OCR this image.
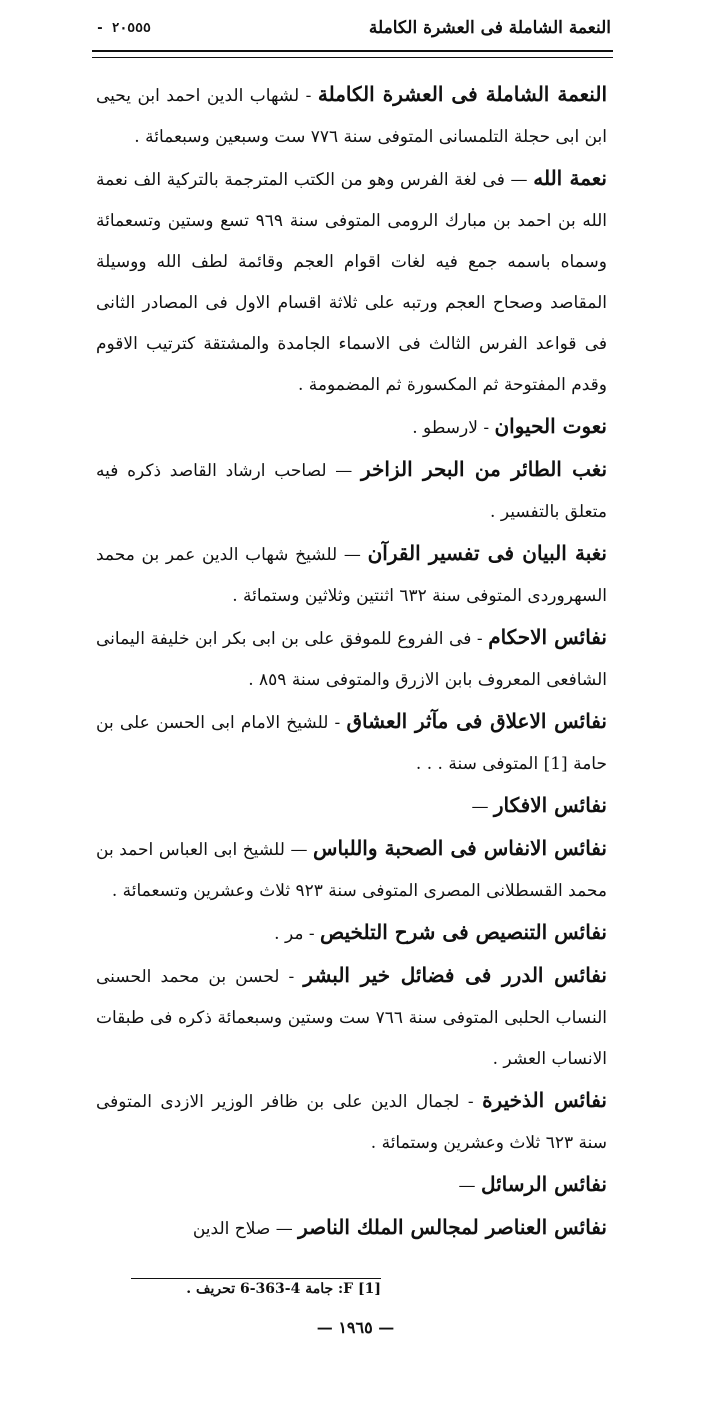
النعمة الشاملة فى العشرة الكاملة
- ٢٠٥٥٥

النعمة الشاملة فى العشرة الكاملة - لشهاب الدين احمد ابن يحيى ابن ابى حجلة التلمسانى المتوفى سنة ٧٧٦ ست وسبعين وسبعمائة .

نعمة الله — فى لغة الفرس وهو من الكتب المترجمة بالتركية الف نعمة الله بن احمد بن مبارك الرومى المتوفى سنة ٩٦٩ تسع وستين وتسعمائة وسماه باسمه جمع فيه لغات اقوام العجم وقائمة لطف الله ووسيلة المقاصد وصحاح العجم ورتبه على ثلاثة اقسام الاول فى المصادر الثانى فى قواعد الفرس الثالث فى الاسماء الجامدة والمشتقة كترتيب الاقوم وقدم المفتوحة ثم المكسورة ثم المضمومة .

نعوت الحيوان - لارسطو .

نغب الطائر من البحر الزاخر — لصاحب ارشاد القاصد ذكره فيه متعلق بالتفسير .

نغبة البيان فى تفسير القرآن — للشيخ شهاب الدين عمر بن محمد السهروردى المتوفى سنة ٦٣٢ اثنتين وثلاثين وستمائة .

نفائس الاحكام - فى الفروع للموفق على بن ابى بكر ابن خليفة اليمانى الشافعى المعروف بابن الازرق والمتوفى سنة ٨٥٩ .

نفائس الاعلاق فى مآثر العشاق - للشيخ الامام ابى الحسن على بن حامة [1] المتوفى سنة . . .

نفائس الافكار —

نفائس الانفاس فى الصحبة واللباس — للشيخ ابى العباس احمد بن محمد القسطلانى المصرى المتوفى سنة ٩٢٣ ثلاث وعشرين وتسعمائة .

نفائس التنصيص فى شرح التلخيص - مر .

نفائس الدرر فى فضائل خير البشر - لحسن بن محمد الحسنى النساب الحلبى المتوفى سنة ٧٦٦ ست وستين وسبعمائة ذكره فى طبقات الانساب العشر .

نفائس الذخيرة - لجمال الدين على بن ظافر الوزير الازدى المتوفى سنة ٦٢٣ ثلاث وعشرين وستمائة .

نفائس الرسائل —

نفائس العناصر لمجالس الملك الناصر — صلاح الدين

[1] F: جامة 4-363-6 تحريف .
— ١٩٦٥ —
